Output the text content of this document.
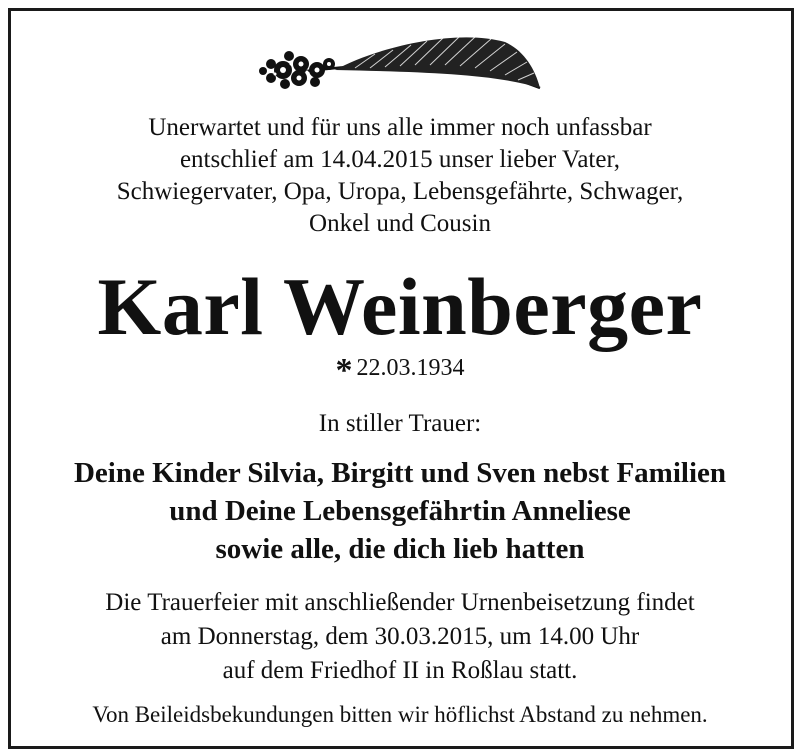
Unerwartet und für uns alle immer noch unfassbar
entschlief am 14.04.2015 unser lieber Vater,
Schwiegervater, Opa, Uropa, Lebensgefährte, Schwager,
Onkel und Cousin
Karl Weinberger
* 22.03.1934
In stiller Trauer:
Deine Kinder Silvia, Birgitt und Sven nebst Familien
und Deine Lebensgefährtin Anneliese
sowie alle, die dich lieb hatten
Die Trauerfeier mit anschließender Urnenbeisetzung findet
am Donnerstag, dem 30.03.2015, um 14.00 Uhr
auf dem Friedhof II in Roßlau statt.
Von Beileidsbekundungen bitten wir höflichst Abstand zu nehmen.
